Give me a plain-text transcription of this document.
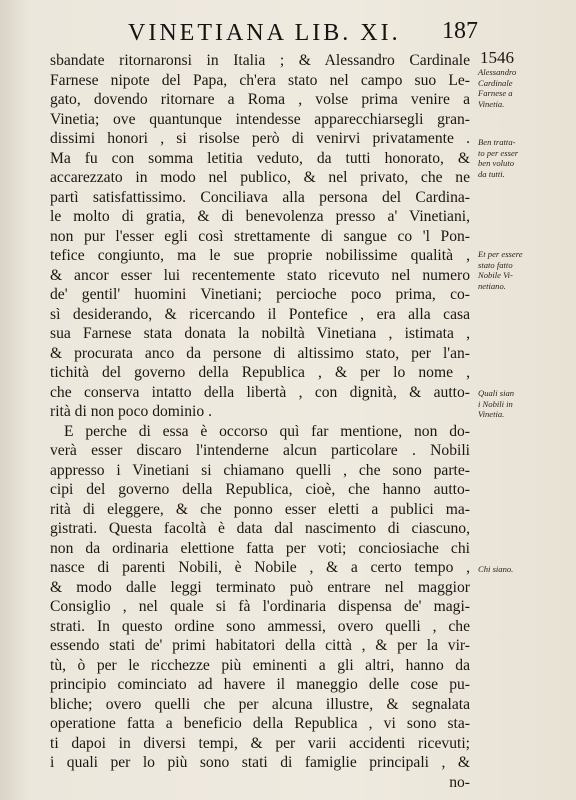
VINETIANA LIB. XI. 187
1546
sbandate ritornaronsi in Italia ; & Alessandro Cardinale
Farnese nipote del Papa, ch'era stato nel campo suo Le-
gato, dovendo ritornare a Roma , volse prima venire a
Vinetia; ove quantunque intendesse apparecchiarsegli gran-
dissimi honori , si risolse però di venirvi privatamente .
Ma fu con somma letitia veduto, da tutti honorato, &
accarezzato in modo nel publico, & nel privato, che ne
partì satisfattissimo. Conciliava alla persona del Cardina-
le molto di gratia, & di benevolenza presso a' Vinetiani,
non pur l'esser egli così strettamente di sangue co 'l Pon-
tefice congiunto, ma le sue proprie nobilissime qualità ,
& ancor esser lui recentemente stato ricevuto nel numero
de' gentil' huomini Vinetiani; percioche poco prima, co-
sì desiderando, & ricercando il Pontefice , era alla casa
sua Farnese stata donata la nobiltà Vinetiana , istimata ,
& procurata anco da persone di altissimo stato, per l'an-
tichità del governo della Republica , & per lo nome ,
che conserva intatto della libertà , con dignità, & autto-
rità di non poco dominio .
E perche di essa è occorso quì far mentione, non do-
verà esser discaro l'intenderne alcun particolare . Nobili
appresso i Vinetiani si chiamano quelli , che sono parte-
cipi del governo della Republica, cioè, che hanno autto-
rità di eleggere, & che ponno esser eletti a publici ma-
gistrati. Questa facoltà è data dal nascimento di ciascuno,
non da ordinaria elettione fatta per voti; conciosiache chi
nasce di parenti Nobili, è Nobile , & a certo tempo ,
& modo dalle leggi terminato può entrare nel maggior
Consiglio , nel quale si fà l'ordinaria dispensa de' magi-
strati. In questo ordine sono ammessi, overo quelli , che
essendo stati de' primi habitatori della città , & per la vir-
tù, ò per le ricchezze più eminenti a gli altri, hanno da
principio cominciato ad havere il maneggio delle cose pu-
bliche; overo quelli che per alcuna illustre, & segnalata
operatione fatta a beneficio della Republica , vi sono sta-
ti dapoi in diversi tempi, & per varii accidenti ricevuti;
i quali per lo più sono stati di famiglie principali , &
no-
Alessandro
Cardinale
Farnese a
Vinetia.
Ben tratta-
to per esser
ben voluto
da tutti.
Et per essere
stato fatto
Nobile Vi-
netiano.
Quali sian
i Nobili in
Vinetia.
Chi siano.
